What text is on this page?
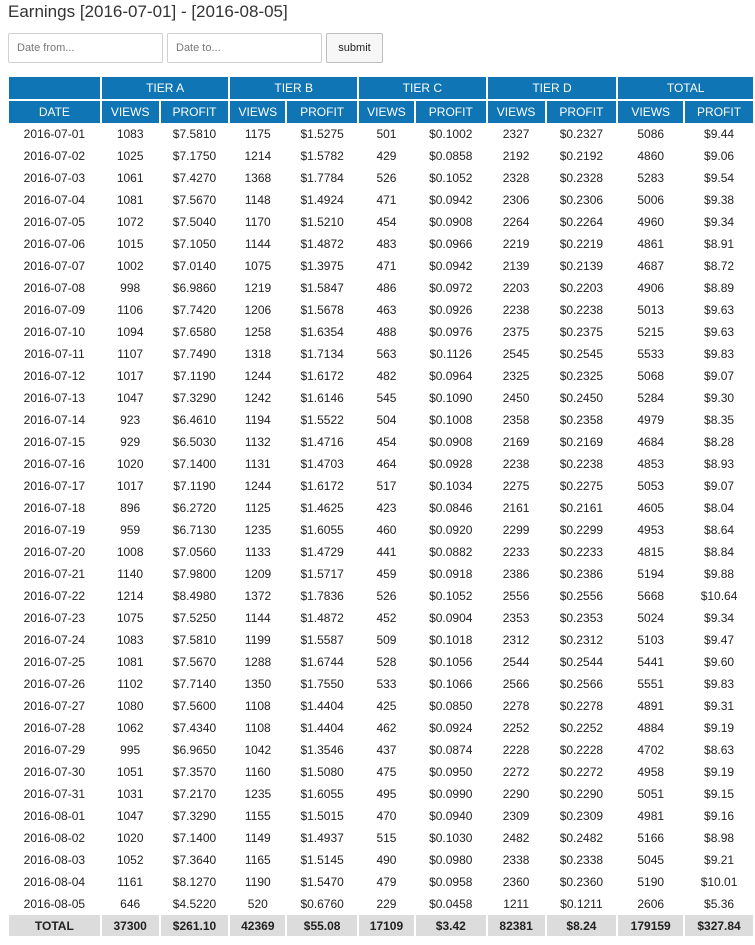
Earnings [2016-07-01] - [2016-08-05]
Date from...
Date to...
submit
	TIER A		TIER B		TIER C		TIER D		TOTAL	
DATE	VIEWS	PROFIT	VIEWS	PROFIT	VIEWS	PROFIT	VIEWS	PROFIT	VIEWS	PROFIT
2016-07-01	1083	$7.5810	1175	$1.5275	501	$0.1002	2327	$0.2327	5086	$9.44
2016-07-02	1025	$7.1750	1214	$1.5782	429	$0.0858	2192	$0.2192	4860	$9.06
2016-07-03	1061	$7.4270	1368	$1.7784	526	$0.1052	2328	$0.2328	5283	$9.54
2016-07-04	1081	$7.5670	1148	$1.4924	471	$0.0942	2306	$0.2306	5006	$9.38
2016-07-05	1072	$7.5040	1170	$1.5210	454	$0.0908	2264	$0.2264	4960	$9.34
2016-07-06	1015	$7.1050	1144	$1.4872	483	$0.0966	2219	$0.2219	4861	$8.91
2016-07-07	1002	$7.0140	1075	$1.3975	471	$0.0942	2139	$0.2139	4687	$8.72
2016-07-08	998	$6.9860	1219	$1.5847	486	$0.0972	2203	$0.2203	4906	$8.89
2016-07-09	1106	$7.7420	1206	$1.5678	463	$0.0926	2238	$0.2238	5013	$9.63
2016-07-10	1094	$7.6580	1258	$1.6354	488	$0.0976	2375	$0.2375	5215	$9.63
2016-07-11	1107	$7.7490	1318	$1.7134	563	$0.1126	2545	$0.2545	5533	$9.83
2016-07-12	1017	$7.1190	1244	$1.6172	482	$0.0964	2325	$0.2325	5068	$9.07
2016-07-13	1047	$7.3290	1242	$1.6146	545	$0.1090	2450	$0.2450	5284	$9.30
2016-07-14	923	$6.4610	1194	$1.5522	504	$0.1008	2358	$0.2358	4979	$8.35
2016-07-15	929	$6.5030	1132	$1.4716	454	$0.0908	2169	$0.2169	4684	$8.28
2016-07-16	1020	$7.1400	1131	$1.4703	464	$0.0928	2238	$0.2238	4853	$8.93
2016-07-17	1017	$7.1190	1244	$1.6172	517	$0.1034	2275	$0.2275	5053	$9.07
2016-07-18	896	$6.2720	1125	$1.4625	423	$0.0846	2161	$0.2161	4605	$8.04
2016-07-19	959	$6.7130	1235	$1.6055	460	$0.0920	2299	$0.2299	4953	$8.64
2016-07-20	1008	$7.0560	1133	$1.4729	441	$0.0882	2233	$0.2233	4815	$8.84
2016-07-21	1140	$7.9800	1209	$1.5717	459	$0.0918	2386	$0.2386	5194	$9.88
2016-07-22	1214	$8.4980	1372	$1.7836	526	$0.1052	2556	$0.2556	5668	$10.64
2016-07-23	1075	$7.5250	1144	$1.4872	452	$0.0904	2353	$0.2353	5024	$9.34
2016-07-24	1083	$7.5810	1199	$1.5587	509	$0.1018	2312	$0.2312	5103	$9.47
2016-07-25	1081	$7.5670	1288	$1.6744	528	$0.1056	2544	$0.2544	5441	$9.60
2016-07-26	1102	$7.7140	1350	$1.7550	533	$0.1066	2566	$0.2566	5551	$9.83
2016-07-27	1080	$7.5600	1108	$1.4404	425	$0.0850	2278	$0.2278	4891	$9.31
2016-07-28	1062	$7.4340	1108	$1.4404	462	$0.0924	2252	$0.2252	4884	$9.19
2016-07-29	995	$6.9650	1042	$1.3546	437	$0.0874	2228	$0.2228	4702	$8.63
2016-07-30	1051	$7.3570	1160	$1.5080	475	$0.0950	2272	$0.2272	4958	$9.19
2016-07-31	1031	$7.2170	1235	$1.6055	495	$0.0990	2290	$0.2290	5051	$9.15
2016-08-01	1047	$7.3290	1155	$1.5015	470	$0.0940	2309	$0.2309	4981	$9.16
2016-08-02	1020	$7.1400	1149	$1.4937	515	$0.1030	2482	$0.2482	5166	$8.98
2016-08-03	1052	$7.3640	1165	$1.5145	490	$0.0980	2338	$0.2338	5045	$9.21
2016-08-04	1161	$8.1270	1190	$1.5470	479	$0.0958	2360	$0.2360	5190	$10.01
2016-08-05	646	$4.5220	520	$0.6760	229	$0.0458	1211	$0.1211	2606	$5.36
TOTAL	37300	$261.10	42369	$55.08	17109	$3.42	82381	$8.24	179159	$327.84
